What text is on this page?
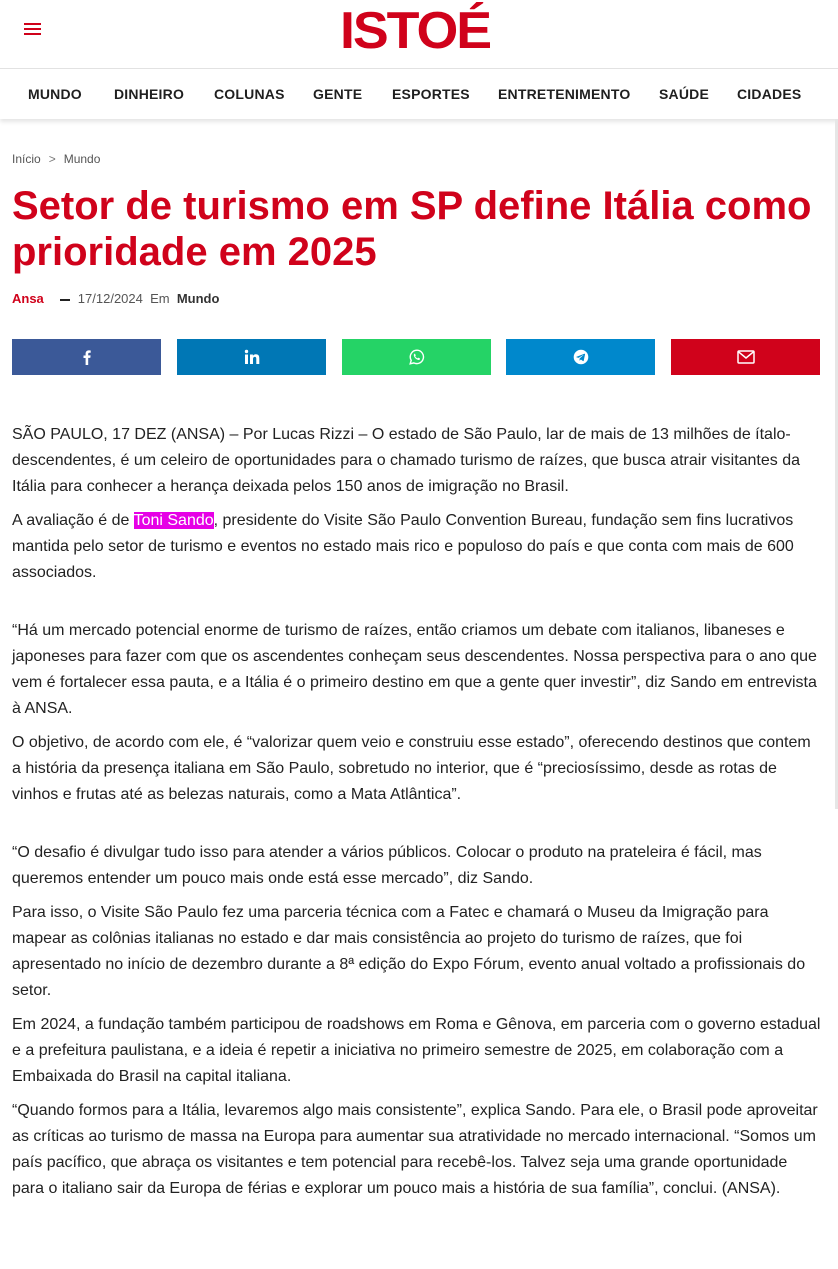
ISTOÉ
MUNDO DINHEIRO COLUNAS GENTE ESPORTES ENTRETENIMENTO SAÚDE CIDADES
Início > Mundo
Setor de turismo em SP define Itália como prioridade em 2025
Ansa	17/12/2024 Em Mundo

SÃO PAULO, 17 DEZ (ANSA) – Por Lucas Rizzi – O estado de São Paulo, lar de mais de 13 milhões de ítalo-descendentes, é um celeiro de oportunidades para o chamado turismo de raízes, que busca atrair visitantes da Itália para conhecer a herança deixada pelos 150 anos de imigração no Brasil.

A avaliação é de Toni Sando, presidente do Visite São Paulo Convention Bureau, fundação sem fins lucrativos mantida pelo setor de turismo e eventos no estado mais rico e populoso do país e que conta com mais de 600 associados.

“Há um mercado potencial enorme de turismo de raízes, então criamos um debate com italianos, libaneses e japoneses para fazer com que os ascendentes conheçam seus descendentes. Nossa perspectiva para o ano que vem é fortalecer essa pauta, e a Itália é o primeiro destino em que a gente quer investir”, diz Sando em entrevista à ANSA.

O objetivo, de acordo com ele, é “valorizar quem veio e construiu esse estado”, oferecendo destinos que contem a história da presença italiana em São Paulo, sobretudo no interior, que é “preciosíssimo, desde as rotas de vinhos e frutas até as belezas naturais, como a Mata Atlântica”.

“O desafio é divulgar tudo isso para atender a vários públicos. Colocar o produto na prateleira é fácil, mas queremos entender um pouco mais onde está esse mercado”, diz Sando.

Para isso, o Visite São Paulo fez uma parceria técnica com a Fatec e chamará o Museu da Imigração para mapear as colônias italianas no estado e dar mais consistência ao projeto do turismo de raízes, que foi apresentado no início de dezembro durante a 8ª edição do Expo Fórum, evento anual voltado a profissionais do setor.

Em 2024, a fundação também participou de roadshows em Roma e Gênova, em parceria com o governo estadual e a prefeitura paulistana, e a ideia é repetir a iniciativa no primeiro semestre de 2025, em colaboração com a Embaixada do Brasil na capital italiana.

“Quando formos para a Itália, levaremos algo mais consistente”, explica Sando. Para ele, o Brasil pode aproveitar as críticas ao turismo de massa na Europa para aumentar sua atratividade no mercado internacional. “Somos um país pacífico, que abraça os visitantes e tem potencial para recebê-los. Talvez seja uma grande oportunidade para o italiano sair da Europa de férias e explorar um pouco mais a história de sua família”, conclui. (ANSA).
